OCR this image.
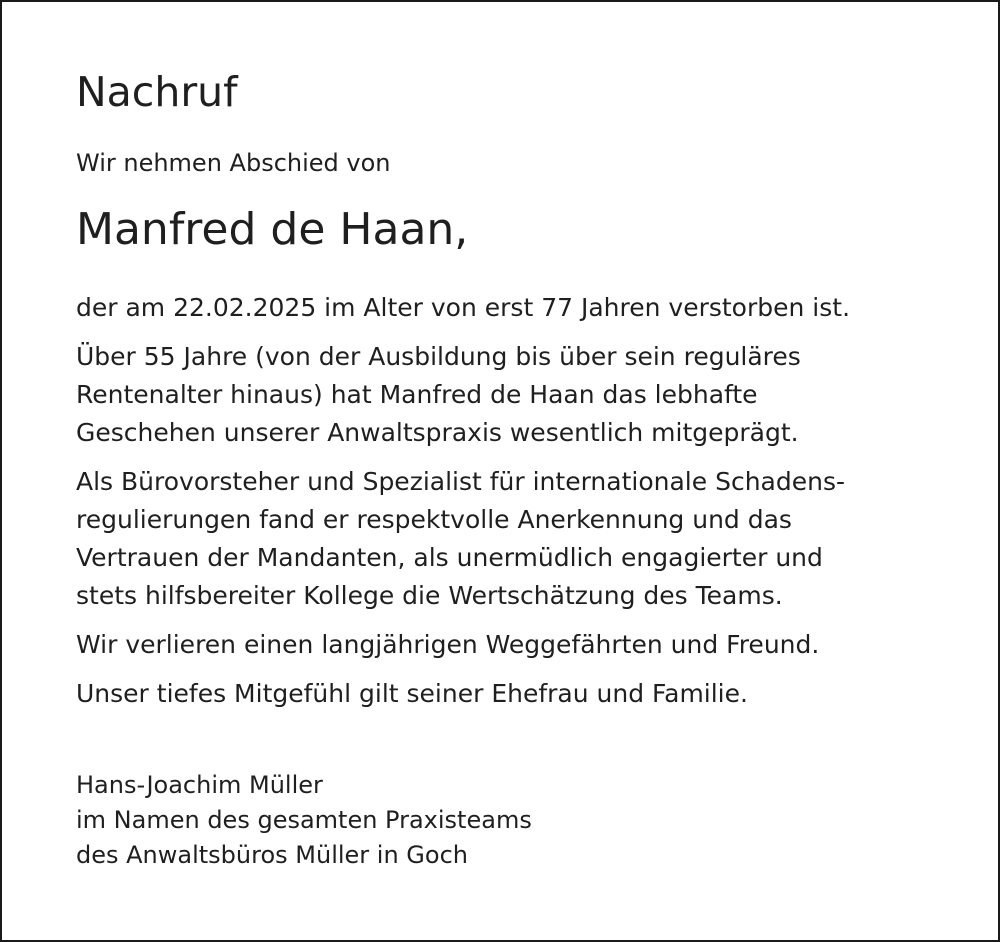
Nachruf

Wir nehmen Abschied von

Manfred de Haan,

der am 22.02.2025 im Alter von erst 77 Jahren verstorben ist.

Über 55 Jahre (von der Ausbildung bis über sein reguläres
Rentenalter hinaus) hat Manfred de Haan das lebhafte
Geschehen unserer Anwaltspraxis wesentlich mitgeprägt.

Als Bürovorsteher und Spezialist für internationale Schadens-
regulierungen fand er respektvolle Anerkennung und das
Vertrauen der Mandanten, als unermüdlich engagierter und
stets hilfsbereiter Kollege die Wertschätzung des Teams.

Wir verlieren einen langjährigen Weggefährten und Freund.

Unser tiefes Mitgefühl gilt seiner Ehefrau und Familie.

Hans-Joachim Müller
im Namen des gesamten Praxisteams
des Anwaltsbüros Müller in Goch
